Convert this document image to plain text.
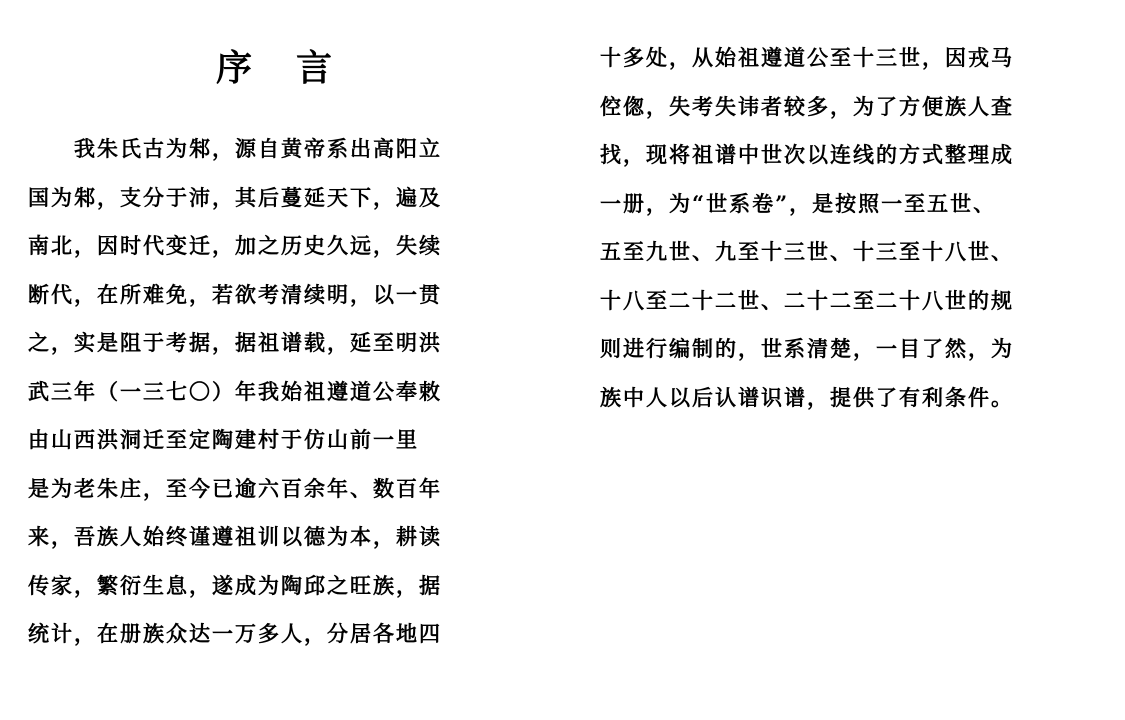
序言
　　我朱氏古为邾，源自黄帝系出高阳立
国为邾，支分于沛，其后蔓延天下，遍及
南北，因时代变迁，加之历史久远，失续
断代，在所难免，若欲考清续明，以一贯
之，实是阻于考据，据祖谱载，延至明洪
武三年（一三七〇）年我始祖遵道公奉敕
由山西洪洞迁至定陶建村于仿山前一里
是为老朱庄，至今已逾六百余年、数百年
来，吾族人始终谨遵祖训以德为本，耕读
传家，繁衍生息，遂成为陶邱之旺族，据
统计，在册族众达一万多人，分居各地四
十多处，从始祖遵道公至十三世，因戎马
倥偬，失考失讳者较多，为了方便族人查
找，现将祖谱中世次以连线的方式整理成
一册，为“世系卷”，是按照一至五世、
五至九世、九至十三世、十三至十八世、
十八至二十二世、二十二至二十八世的规
则进行编制的，世系清楚，一目了然，为
族中人以后认谱识谱，提供了有利条件。
